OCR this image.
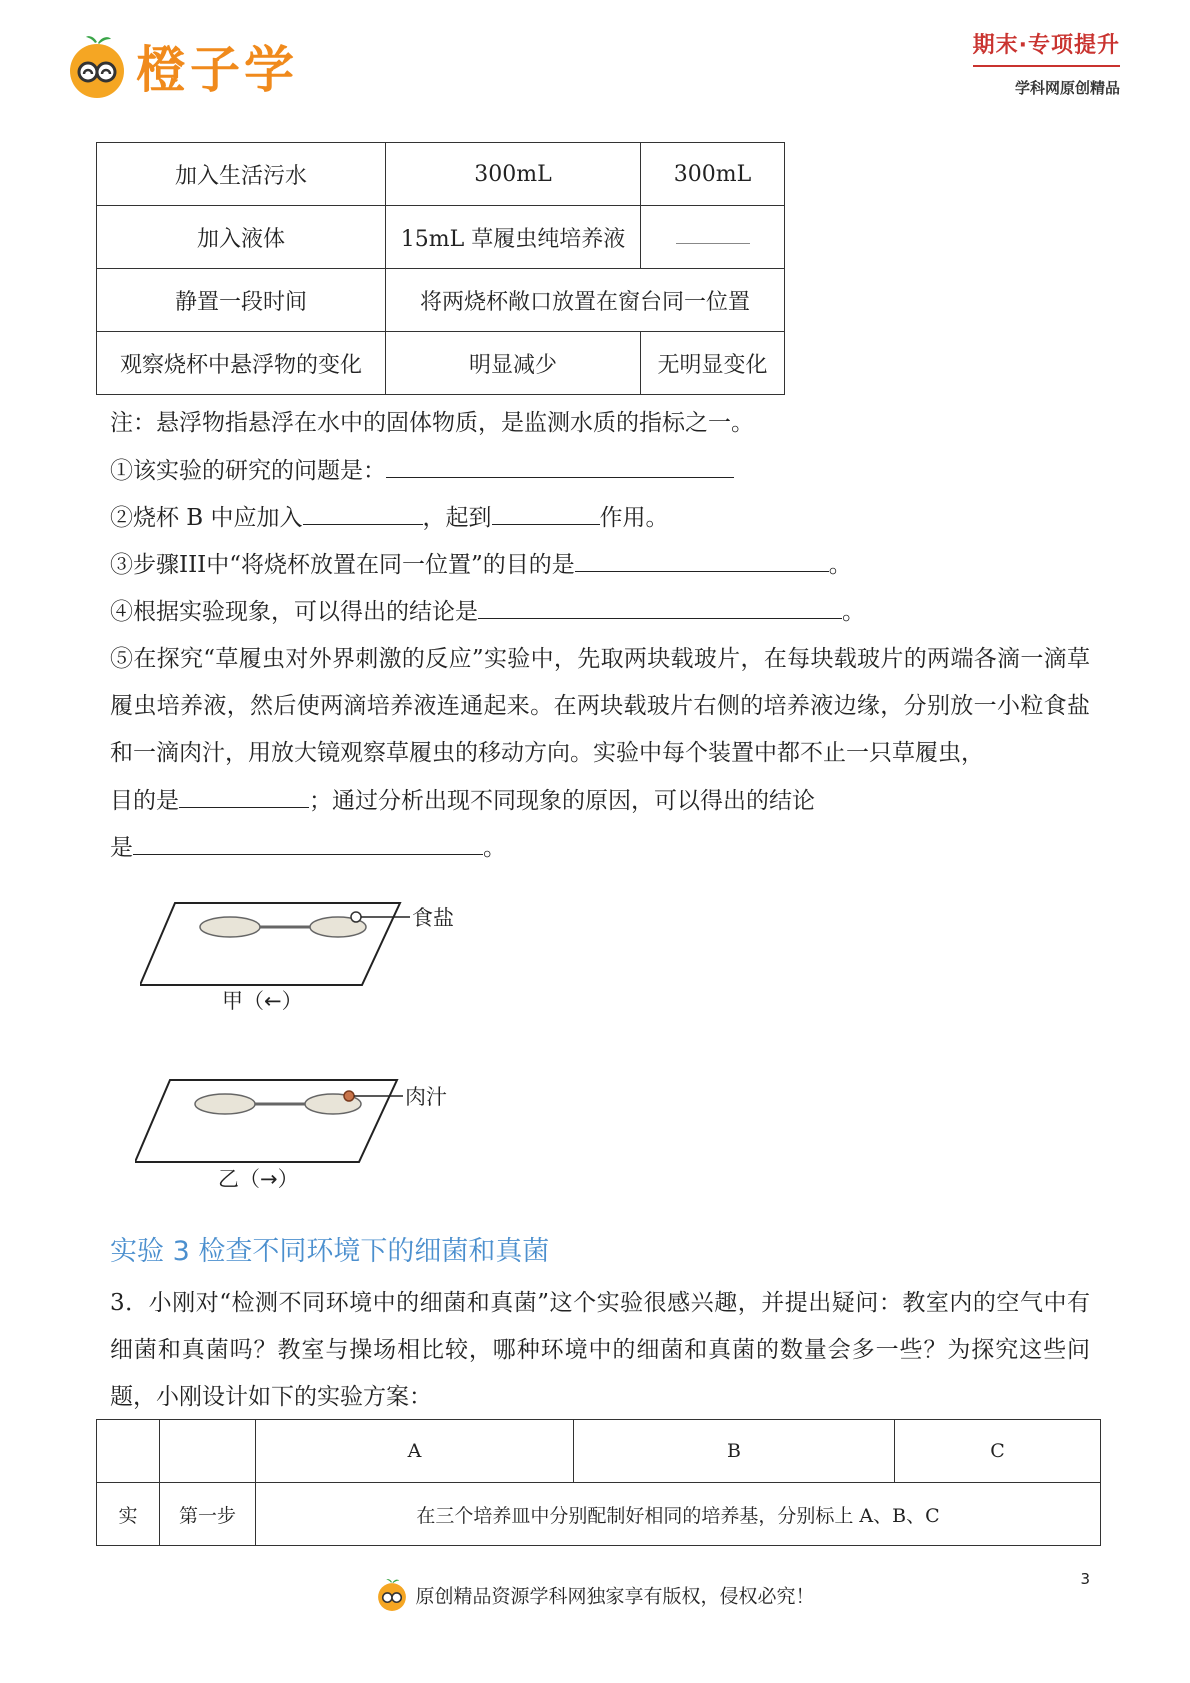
橙子学	期末·专项提升
学科网原创精品
加入生活污水	300mL	300mL
加入液体	15mL 草履虫纯培养液	
静置一段时间	将两烧杯敞口放置在窗台同一位置	
观察烧杯中悬浮物的变化	明显减少	无明显变化
注：悬浮物指悬浮在水中的固体物质，是监测水质的指标之一。
①该实验的研究的问题是：
②烧杯 B 中应加入	，起到	作用。
③步骤III中“将烧杯放置在同一位置”的目的是	。
④根据实验现象，可以得出的结论是	。
⑤在探究“草履虫对外界刺激的反应”实验中，先取两块载玻片，在每块载玻片的两端各滴一滴草履虫培养液，然后使两滴培养液连通起来。在两块载玻片右侧的培养液边缘，分别放一小粒食盐和一滴肉汁，用放大镜观察草履虫的移动方向。实验中每个装置中都不止一只草履虫，
目的是	；通过分析出现不同现象的原因，可以得出的结论
是	。
食盐
甲（←）
肉汁
乙（→）
实验 3 检查不同环境下的细菌和真菌
3．小刚对“检测不同环境中的细菌和真菌”这个实验很感兴趣，并提出疑问：教室内的空气中有细菌和真菌吗？教室与操场相比较，哪种环境中的细菌和真菌的数量会多一些？为探究这些问题，小刚设计如下的实验方案：
		A	B	C
实	第一步	在三个培养皿中分别配制好相同的培养基，分别标上 A、B、C		
原创精品资源学科网独家享有版权，侵权必究！
3
